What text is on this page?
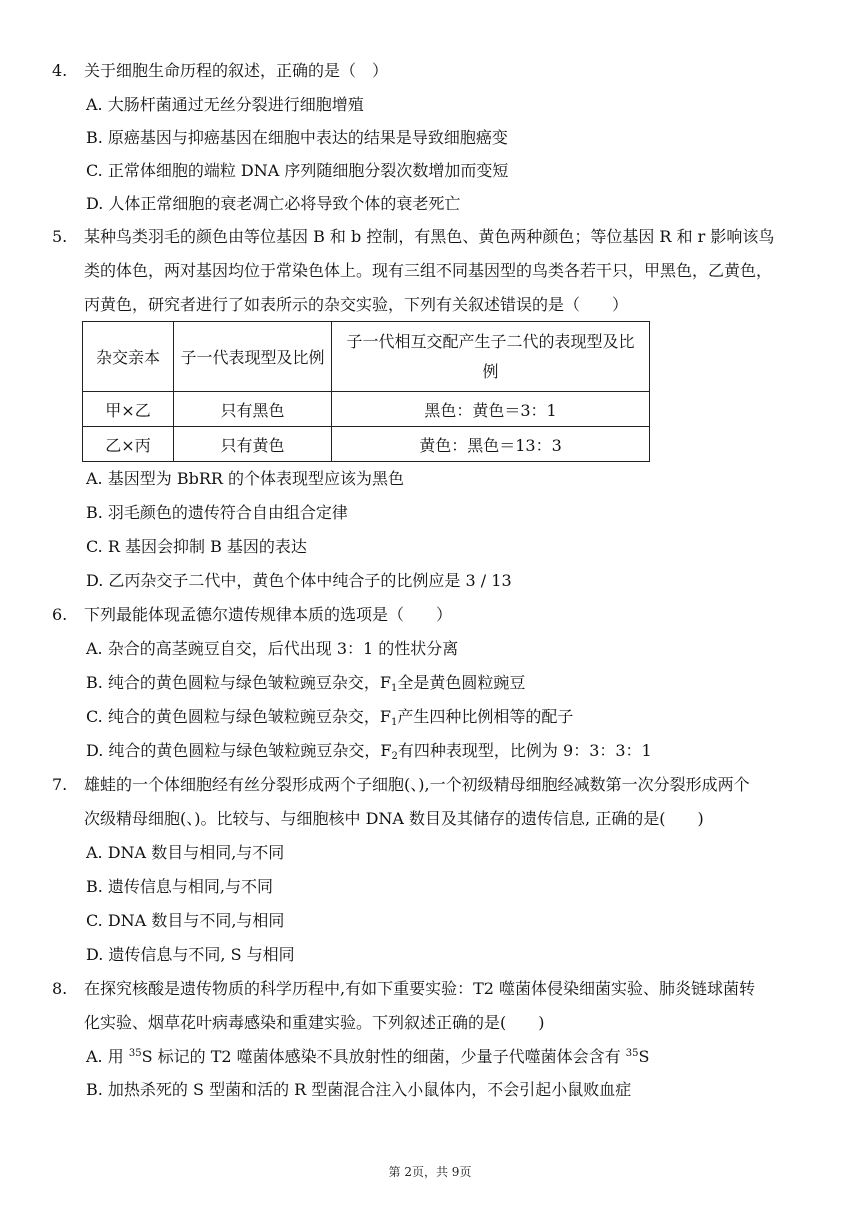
4. 关于细胞生命历程的叙述，正确的是（　）
A. 大肠杆菌通过无丝分裂进行细胞增殖
B. 原癌基因与抑癌基因在细胞中表达的结果是导致细胞癌变
C. 正常体细胞的端粒 DNA 序列随细胞分裂次数增加而变短
D. 人体正常细胞的衰老凋亡必将导致个体的衰老死亡
5. 某种鸟类羽毛的颜色由等位基因 B 和 b 控制，有黑色、黄色两种颜色；等位基因 R 和 r 影响该鸟
类的体色，两对基因均位于常染色体上。现有三组不同基因型的鸟类各若干只，甲黑色，乙黄色，
丙黄色，研究者进行了如表所示的杂交实验，下列有关叙述错误的是（　　）
杂交亲本	子一代表现型及比例	子一代相互交配产生子二代的表现型及比
例

甲×乙	只有黑色	黑色：黄色＝3：1
乙×丙	只有黄色	黄色：黑色＝13：3
A. 基因型为 BbRR 的个体表现型应该为黑色
B. 羽毛颜色的遗传符合自由组合定律
C. R 基因会抑制 B 基因的表达
D. 乙丙杂交子二代中，黄色个体中纯合子的比例应是 3 / 13
6. 下列最能体现孟德尔遗传规律本质的选项是（　　）
A. 杂合的高茎豌豆自交，后代出现 3：1 的性状分离
B. 纯合的黄色圆粒与绿色皱粒豌豆杂交，$F_1$全是黄色圆粒豌豆
C. 纯合的黄色圆粒与绿色皱粒豌豆杂交，$F_1$产生四种比例相等的配子
D. 纯合的黄色圆粒与绿色皱粒豌豆杂交，$F_2$有四种表现型，比例为 9：3：3：1
7. 雄蛙的一个体细胞经有丝分裂形成两个子细胞(、),一个初级精母细胞经减数第一次分裂形成两个
次级精母细胞(、)。比较与、与细胞核中 DNA 数目及其储存的遗传信息, 正确的是(　　)
A. DNA 数目与相同,与不同
B. 遗传信息与相同,与不同
C. DNA 数目与不同,与相同
D. 遗传信息与不同, S 与相同
8. 在探究核酸是遗传物质的科学历程中,有如下重要实验：T2 噬菌体侵染细菌实验、肺炎链球菌转
化实验、烟草花叶病毒感染和重建实验。下列叙述正确的是(　　)
A. 用 $^{35}$S 标记的 T2 噬菌体感染不具放射性的细菌，少量子代噬菌体会含有 $^{35}$S
B. 加热杀死的 S 型菌和活的 R 型菌混合注入小鼠体内，不会引起小鼠败血症
第 2页，共 9页
